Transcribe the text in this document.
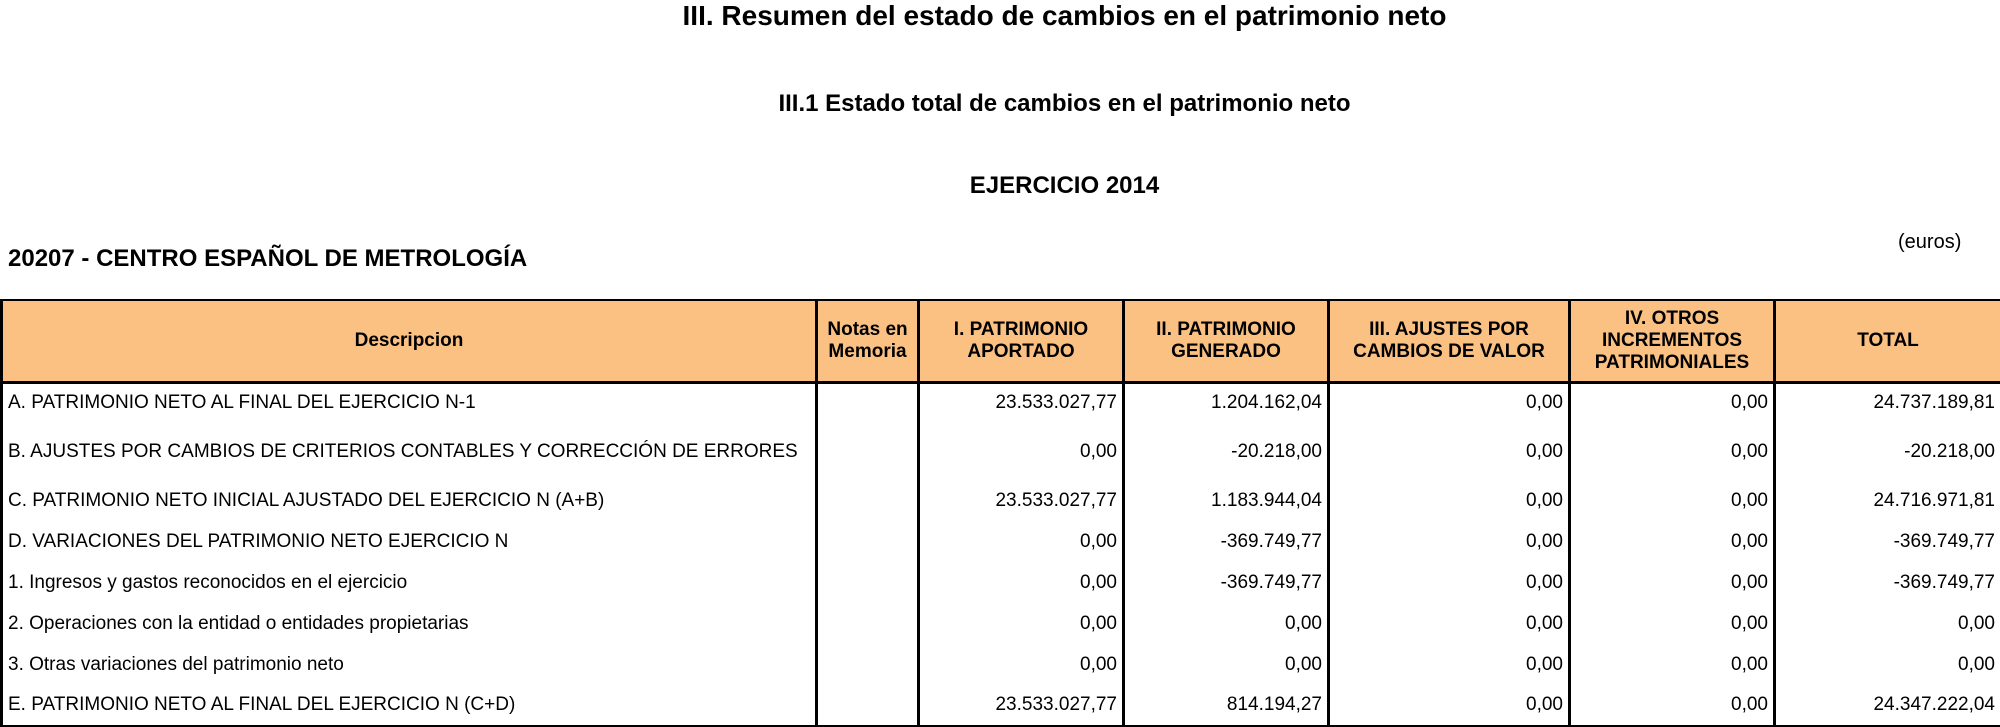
III. Resumen del estado de cambios en el patrimonio neto
III.1 Estado total de cambios en el patrimonio neto
EJERCICIO 2014
20207 - CENTRO ESPAÑOL DE METROLOGÍA
(euros)
Descripcion	Notas en Memoria	I. PATRIMONIO APORTADO	II. PATRIMONIO GENERADO	III. AJUSTES POR CAMBIOS DE VALOR	IV. OTROS INCREMENTOS PATRIMONIALES	TOTAL
A. PATRIMONIO NETO AL FINAL DEL EJERCICIO N-1		23.533.027,77	1.204.162,04	0,00	0,00	24.737.189,81
B. AJUSTES POR CAMBIOS DE CRITERIOS CONTABLES Y CORRECCIÓN DE ERRORES		0,00	-20.218,00	0,00	0,00	-20.218,00
C. PATRIMONIO NETO INICIAL AJUSTADO DEL EJERCICIO N (A+B)		23.533.027,77	1.183.944,04	0,00	0,00	24.716.971,81
D. VARIACIONES DEL PATRIMONIO NETO EJERCICIO N		0,00	-369.749,77	0,00	0,00	-369.749,77
1. Ingresos y gastos reconocidos en el ejercicio		0,00	-369.749,77	0,00	0,00	-369.749,77
2. Operaciones con la entidad o entidades propietarias		0,00	0,00	0,00	0,00	0,00
3. Otras variaciones del patrimonio neto		0,00	0,00	0,00	0,00	0,00
E. PATRIMONIO NETO AL FINAL DEL EJERCICIO N (C+D)		23.533.027,77	814.194,27	0,00	0,00	24.347.222,04
